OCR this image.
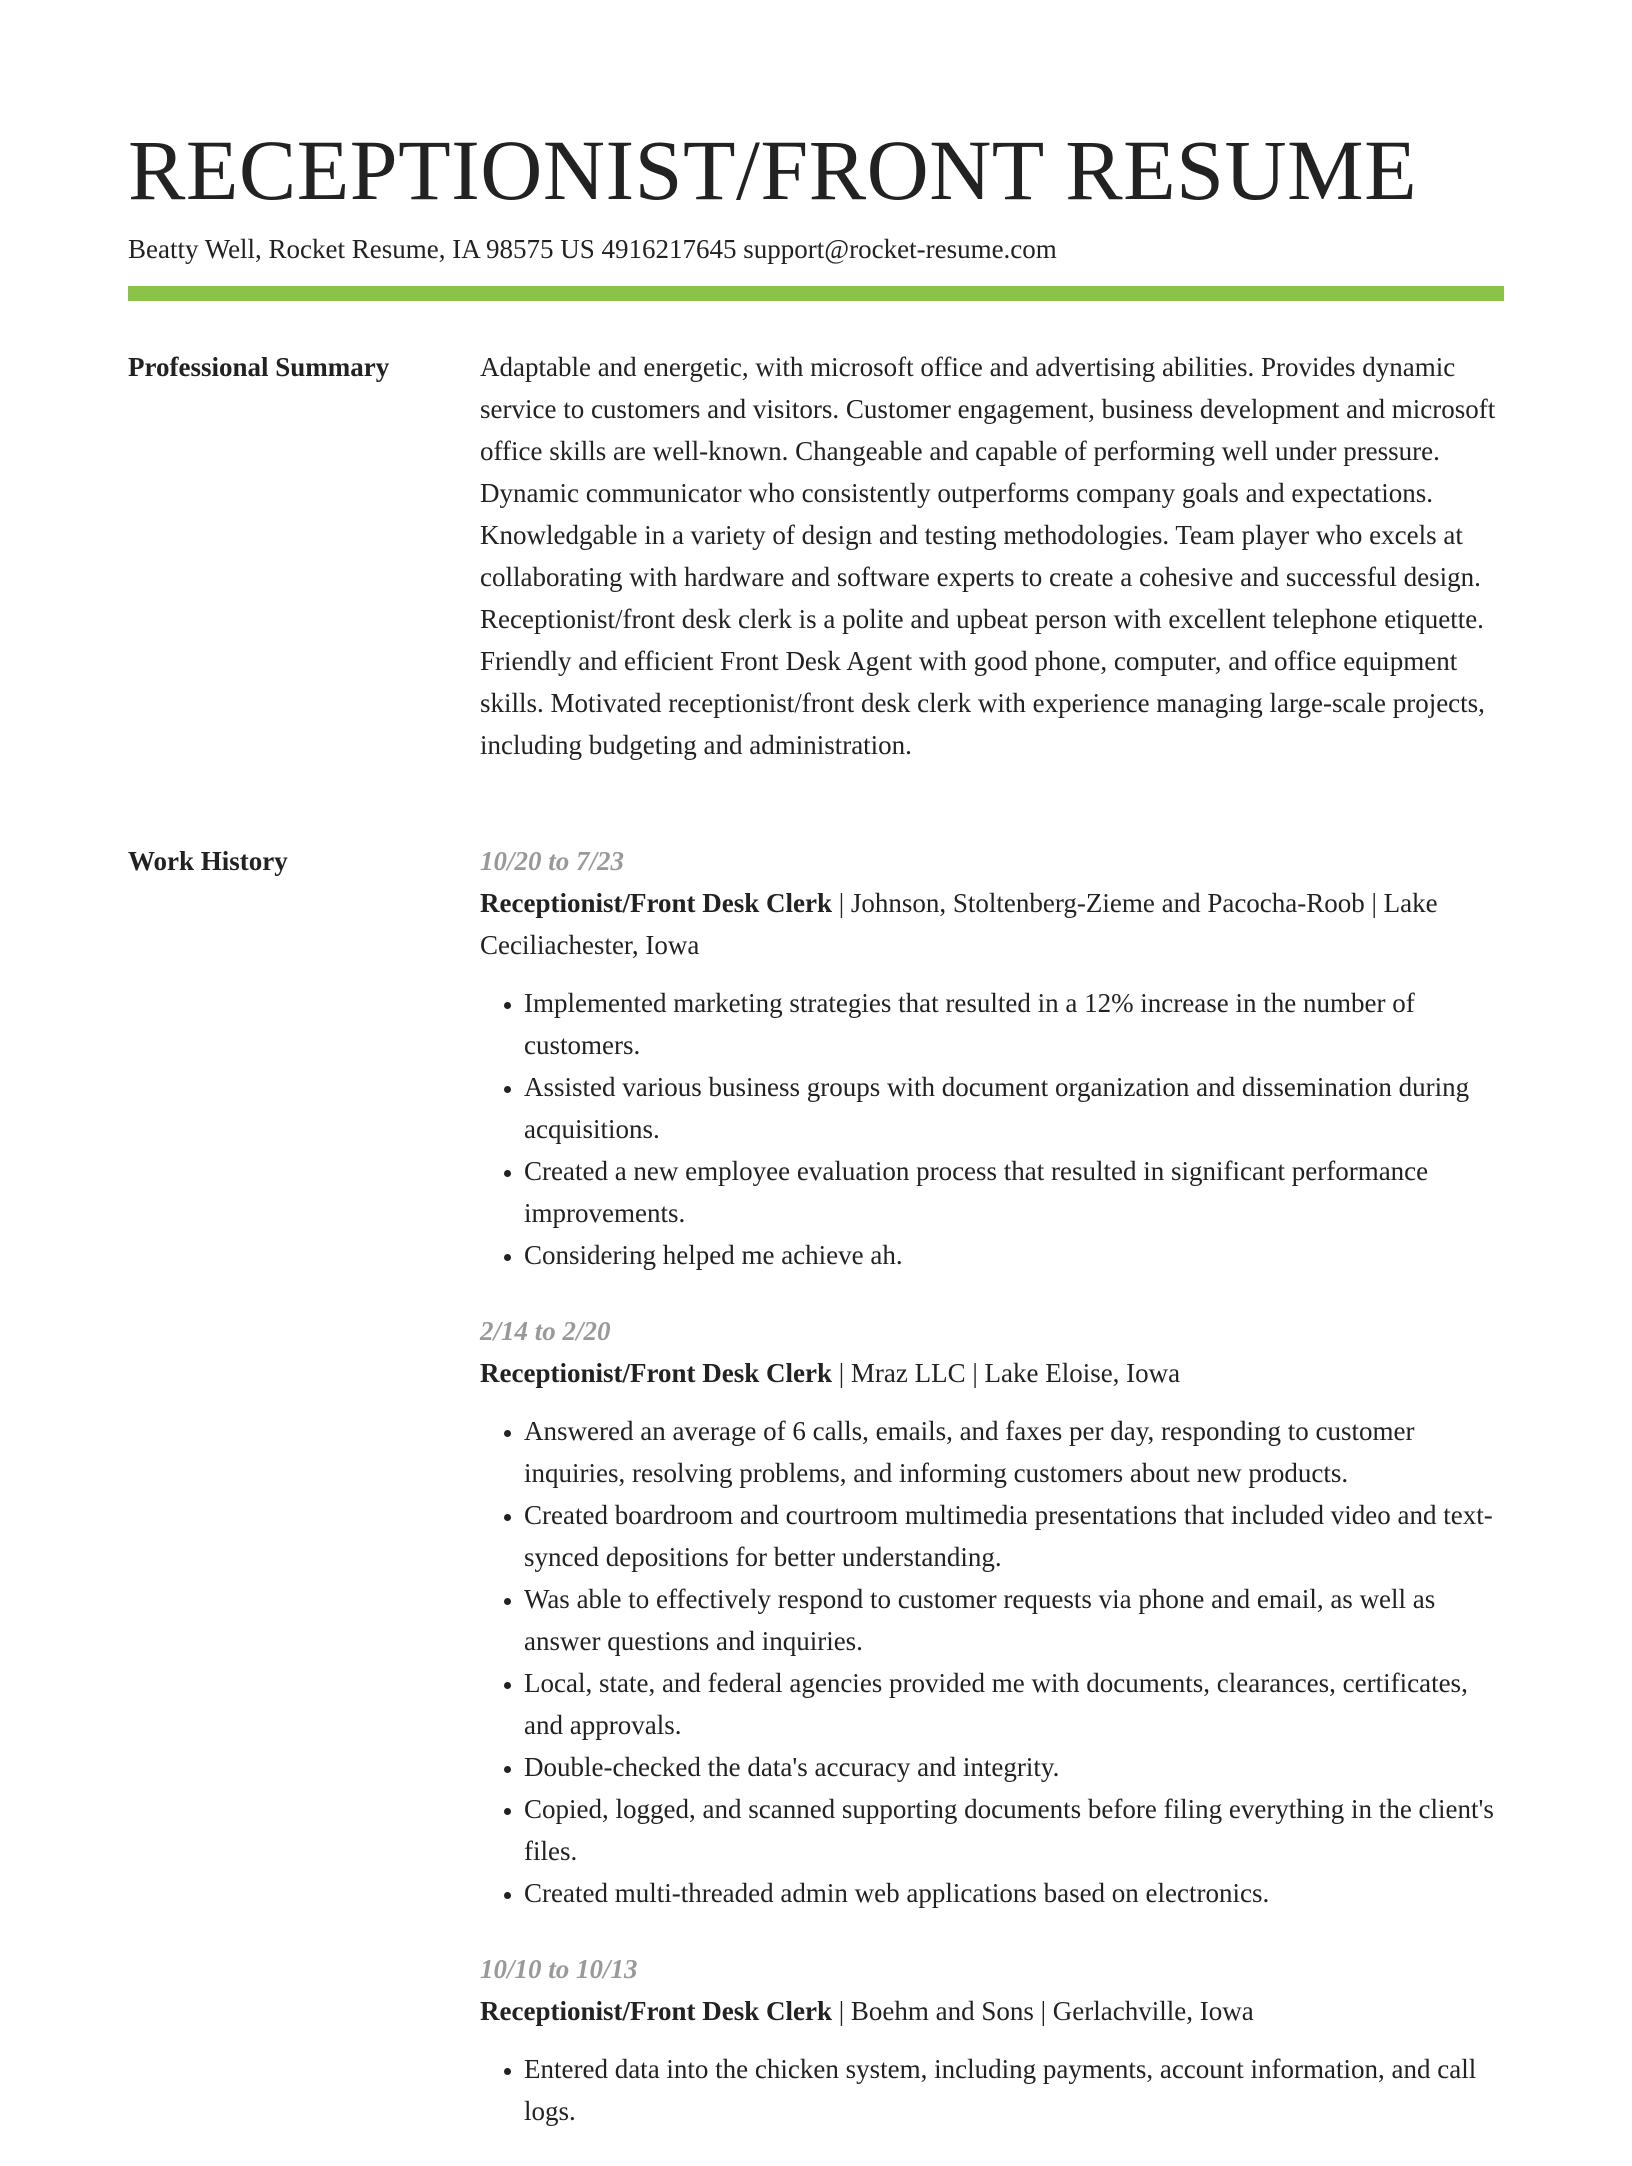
RECEPTIONIST/FRONT RESUME
Beatty Well, Rocket Resume, IA 98575 US 4916217645 support@rocket-resume.com
Professional Summary	Adaptable and energetic, with microsoft office and advertising abilities. Provides dynamic service to customers and visitors. Customer engagement, business development and microsoft office skills are well-known. Changeable and capable of performing well under pressure. Dynamic communicator who consistently outperforms company goals and expectations. Knowledgable in a variety of design and testing methodologies. Team player who excels at collaborating with hardware and software experts to create a cohesive and successful design. Receptionist/front desk clerk is a polite and upbeat person with excellent telephone etiquette. Friendly and efficient Front Desk Agent with good phone, computer, and office equipment skills. Motivated receptionist/front desk clerk with experience managing large-scale projects, including budgeting and administration.

Work History	10/20 to 7/23
Receptionist/Front Desk Clerk | Johnson, Stoltenberg-Zieme and Pacocha-Roob | Lake Ceciliachester, Iowa
• Implemented marketing strategies that resulted in a 12% increase in the number of customers.
• Assisted various business groups with document organization and dissemination during acquisitions.
• Created a new employee evaluation process that resulted in significant performance improvements.
• Considering helped me achieve ah.
2/14 to 2/20
Receptionist/Front Desk Clerk | Mraz LLC | Lake Eloise, Iowa
• Answered an average of 6 calls, emails, and faxes per day, responding to customer inquiries, resolving problems, and informing customers about new products.
• Created boardroom and courtroom multimedia presentations that included video and text-synced depositions for better understanding.
• Was able to effectively respond to customer requests via phone and email, as well as answer questions and inquiries.
• Local, state, and federal agencies provided me with documents, clearances, certificates, and approvals.
• Double-checked the data's accuracy and integrity.
• Copied, logged, and scanned supporting documents before filing everything in the client's files.
• Created multi-threaded admin web applications based on electronics.
10/10 to 10/13
Receptionist/Front Desk Clerk | Boehm and Sons | Gerlachville, Iowa
• Entered data into the chicken system, including payments, account information, and call logs.
